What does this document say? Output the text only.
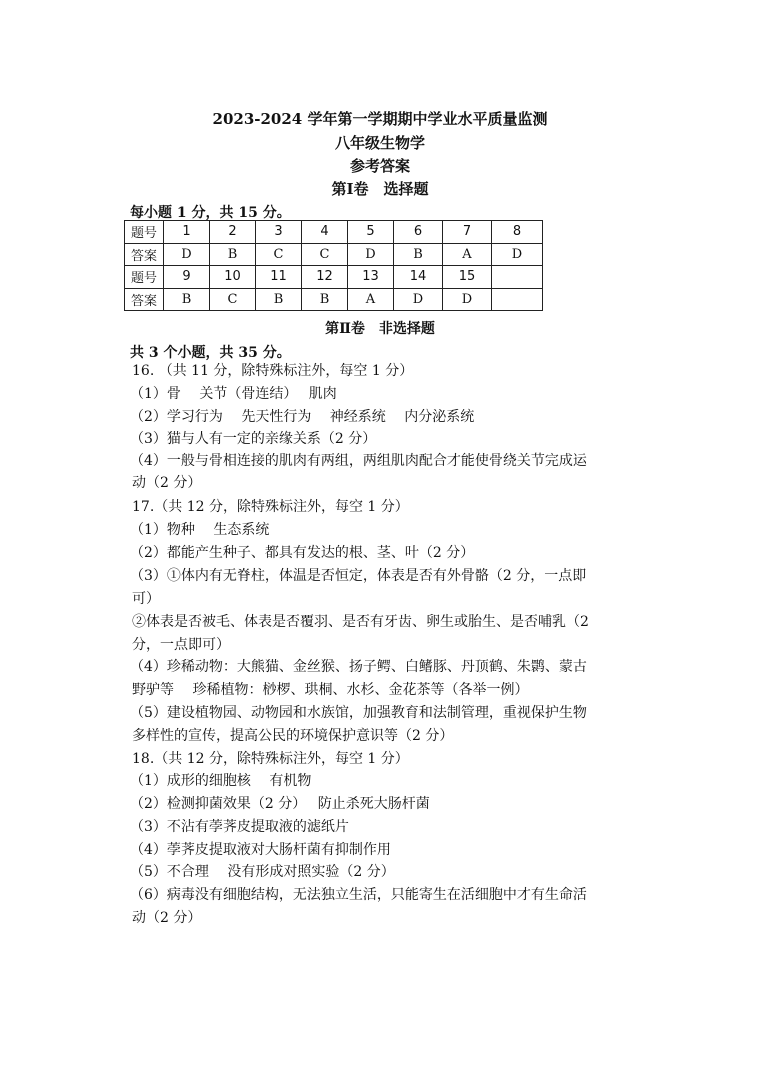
2023-2024 学年第一学期期中学业水平质量监测
八年级生物学
参考答案
第Ⅰ卷　选择题
每小题 1 分，共 15 分。
题号	1	2	3	4	5	6	7	8
答案	D	B	C	C	D	B	A	D
题号	9	10	11	12	13	14	15	
答案	B	C	B	B	A	D	D	
第Ⅱ卷　非选择题
共 3 个小题，共 35 分。
16. （共 11 分，除特殊标注外，每空 1 分）
（1）骨　 关节（骨连结）　 肌肉
（2）学习行为　 先天性行为　 神经系统　 内分泌系统
（3）猫与人有一定的亲缘关系（2 分）
（4）一般与骨相连接的肌肉有两组，两组肌肉配合才能使骨绕关节完成运
动（2 分）
17.（共 12 分，除特殊标注外，每空 1 分）
（1）物种　 生态系统
（2）都能产生种子、都具有发达的根、茎、叶（2 分）
（3）①体内有无脊柱，体温是否恒定，体表是否有外骨骼（2 分，一点即
可）
②体表是否被毛、体表是否覆羽、是否有牙齿、卵生或胎生、是否哺乳（2
分，一点即可）
（4）珍稀动物：大熊猫、金丝猴、扬子鳄、白鳍豚、丹顶鹤、朱鹮、蒙古
野驴等　 珍稀植物：桫椤、珙桐、水杉、金花茶等（各举一例）
（5）建设植物园、动物园和水族馆，加强教育和法制管理，重视保护生物
多样性的宣传，提高公民的环境保护意识等（2 分）
18.（共 12 分，除特殊标注外，每空 1 分）
（1）成形的细胞核　 有机物
（2）检测抑菌效果（2 分）　 防止杀死大肠杆菌
（3）不沾有荸荠皮提取液的滤纸片
（4）荸荠皮提取液对大肠杆菌有抑制作用
（5）不合理　 没有形成对照实验（2 分）
（6）病毒没有细胞结构，无法独立生活，只能寄生在活细胞中才有生命活
动（2 分）
